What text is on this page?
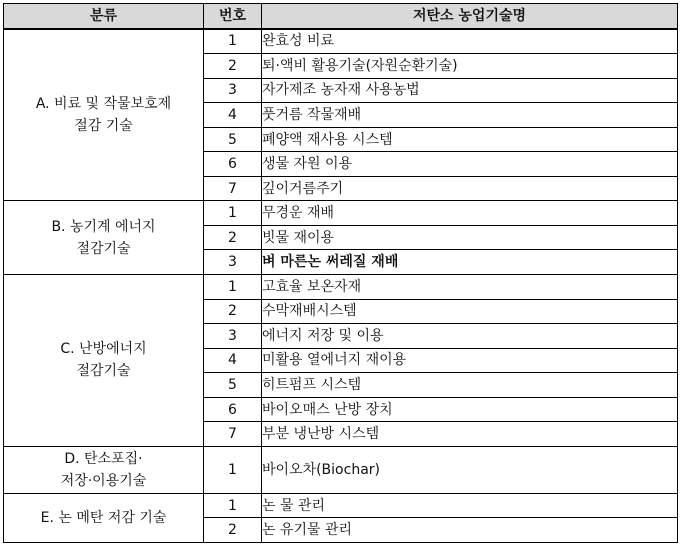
분류	번호	저탄소 농업기술명

A. 비료 및 작물보호제
절감 기술	1	완효성 비료
	2	퇴·액비 활용기술(자원순환기술)
	3	자가제조 농자재 사용농법
	4	풋거름 작물재배
	5	폐양액 재사용 시스템
	6	생물 자원 이용
	7	깊이거름주기

B. 농기계 에너지
절감기술	1	무경운 재배
	2	빗물 재이용
	3	벼 마른논 써레질 재배

C. 난방에너지
절감기술	1	고효율 보온자재
	2	수막재배시스템
	3	에너지 저장 및 이용
	4	미활용 열에너지 재이용
	5	히트펌프 시스템
	6	바이오매스 난방 장치
	7	부분 냉난방 시스템

D. 탄소포집·
저장·이용기술	1	바이오차(Biochar)

E. 논 메탄 저감 기술	1	논 물 관리
	2	논 유기물 관리
